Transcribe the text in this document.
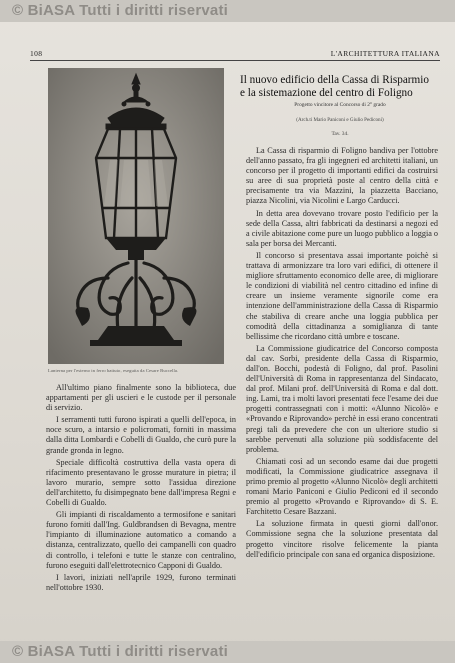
© BiASA Tutti i diritti riservati
108	L'ARCHITETTURA ITALIANA
Lanterna per l'esterno in ferro battuto, eseguita da Cesare Buccella.
Il nuovo edificio della Cassa di Risparmio
e la sistemazione del centro di Foligno
Progetto vincitore al Concorso di 2° grado
(Arch.ti Mario Paniconi e Giulio Pediconi)
Tav. 34.

All'ultimo piano finalmente sono la biblioteca, due appartamenti per gli uscieri e le custode per il personale di servizio.

I serramenti tutti furono ispirati a quelli dell'epoca, in noce scuro, a intarsio e policromati, forniti in massima dalla ditta Lombardi e Cobelli di Gualdo, che curò pure la grande gronda in legno.

Speciale difficoltà costruttiva della vasta opera di rifacimento presentavano le grosse murature in pietra; il lavoro murario, sempre sotto l'assidua direzione dell'architetto, fu disimpegnato bene dall'impresa Regni e Cobelli di Gualdo.

Gli impianti di riscaldamento a termosifone e sanitari furono forniti dall'Ing. Guldbrandsen di Bevagna, mentre l'impianto di illuminazione automatico a comando a distanza, centralizzato, quello dei campanelli con quadro di controllo, i telefoni e tutte le stanze con centralino, furono eseguiti dall'elettrotecnico Capponi di Gualdo.

I lavori, iniziati nell'aprile 1929, furono terminati nell'ottobre 1930.

La Cassa di risparmio di Foligno bandiva per l'ottobre dell'anno passato, fra gli ingegneri ed architetti italiani, un concorso per il progetto di importanti edifici da costruirsi su aree di sua proprietà poste al centro della città e precisamente tra via Mazzini, la piazzetta Bacciano, piazza Nicolini, via Nicolini e Largo Carducci.

In detta area dovevano trovare posto l'edificio per la sede della Cassa, altri fabbricati da destinarsi a negozi ed a civile abitazione come pure un luogo pubblico a loggia o sala per borsa dei Mercanti.

Il concorso si presentava assai importante poichè si trattava di armonizzare tra loro vari edifici, di ottenere il migliore sfruttamento economico delle aree, di migliorare le condizioni di viabilità nel centro cittadino ed infine di creare un insieme veramente signorile come era intenzione dell'amministrazione della Cassa di Risparmio che stabiliva di creare anche una loggia pubblica per comodità della cittadinanza a somiglianza di tante bellissime che ricordano città umbre e toscane.

La Commissione giudicatrice del Concorso composta dal cav. Sorbi, presidente della Cassa di Risparmio, dall'on. Bocchi, podestà di Foligno, dal prof. Pasolini dell'Università di Roma in rappresentanza del Sindacato, dal prof. Milani prof. dell'Università di Roma e dal dott. ing. Lami, tra i molti lavori presentati fece l'esame dei due progetti contrassegnati con i motti: «Alunno Nicolò» e «Provando e Riprovando» perchè in essi erano concentrati pregi tali da prevedere che con un ulteriore studio si sarebbe pervenuti alla soluzione più soddisfacente del problema.

Chiamati così ad un secondo esame dai due progetti modificati, la Commissione giudicatrice assegnava il primo premio al progetto «Alunno Nicolò» degli architetti romani Mario Paniconi e Giulio Pediconi ed il secondo premio al progetto «Provando e Riprovando» di S. E. Farchitetto Cesare Bazzani.

La soluzione firmata in questi giorni dall'onor. Commissione segna che la soluzione presentata dal progetto vincitore risolve felicemente la pianta dell'edificio principale con sana ed organica disposizione.

© BiASA Tutti i diritti riservati
